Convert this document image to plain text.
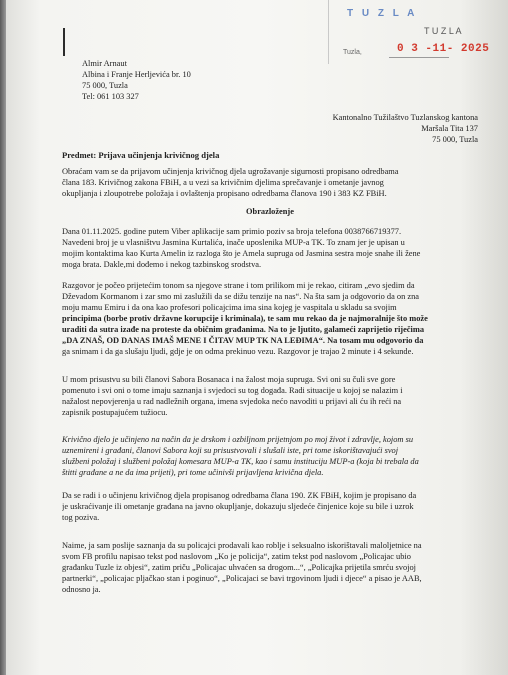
T U Z L A
T U Z L A
Tuzla,	0 3 -11- 2025
Almir Arnaut
Albina i Franje Herljevića br. 10
75 000, Tuzla
Tel: 061 103 327
Kantonalno Tužilaštvo Tuzlanskog kantona
Maršala Tita 137
75 000, Tuzla
Predmet: Prijava učinjenja krivičnog djela
Obraćam vam se da prijavom učinjenja krivičnog djela ugrožavanje sigurnosti propisano odredbama
člana 183. Krivičnog zakona FBiH, a u vezi sa krivičnim djelima sprečavanje i ometanje javnog
okupljanja i zloupotrebe položaja i ovlaštenja propisano odredbama članova 190 i 383 KZ FBiH.
Obrazloženje
Dana 01.11.2025. godine putem Viber aplikacije sam primio poziv sa broja telefona 0038766719377.
Navedeni broj je u vlasništvu Jasmina Kurtalića, inače uposlenika MUP-a TK. To znam jer je upisan u
mojim kontaktima kao Kurta Amelin iz razloga što je Amela supruga od Jasmina sestra moje snahe ili žene
moga brata. Dakle,mi dođemo i nekog tazbinskog srodstva.
Razgovor je počeo prijetećim tonom sa njegove strane i tom prilikom mi je rekao, citiram „evo sjedim da
Dževadom Kormanom i zar smo mi zaslužili da se dižu tenzije na nas“. Na šta sam ja odgovorio da on zna
moju mamu Emiru i da ona kao profesori policajcima ima sina kojeg je vaspitala u skladu sa svojim
principima (borbe protiv državne korupcije i kriminala), te sam mu rekao da je najmoralnije što može
uraditi da sutra izađe na proteste da običnim građanima. Na to je ljutito, galameći zaprijetio riječima
„DA ZNAŠ, OD DANAS IMAŠ MENE I ČITAV MUP TK NA LEĐIMA“. Na tosam mu odgovorio da
ga snimam i da ga slušaju ljudi, gdje je on odma prekinuo vezu. Razgovor je trajao 2 minute i 4 sekunde.
U mom prisustvu su bili članovi Sabora Bosanaca i na žalost moja supruga. Svi oni su čuli sve gore
pomenuto i svi oni o tome imaju saznanja i svjedoci su tog događa. Radi situacije u kojoj se nalazim i
nažalost nepovjerenja u rad nadležnih organa, imena svjedoka nećo navoditi u prijavi ali ću ih reći na
zapisnik postupajućem tužiocu.
Krivično djelo je učinjeno na način da je drskom i ozbiljnom prijetnjom po moj život i zdravlje, kojom su
uznemireni i građani, članovi Sabora koji su prisustvovali i slušali iste, pri tome iskorištavajući svoj
službeni položaj i službeni položaj komesara MUP-a TK, kao i samu instituciju MUP-a (koja bi trebala da
štitti građane a ne da ima prijeti), pri tome učinivši prijavljena krivična djela.
Da se radi i o učinjenu krivičnog djela propisanog odredbama člana 190. ZK FBiH, kojim je propisano da
je uskraćivanje ili ometanje građana na javno okupljanje, dokazuju sljedeće činjenice koje su bile i uzrok
tog poziva.
Naime, ja sam poslije saznanja da su policajci prodavali kao roblje i seksualno iskorištavali maloljetnice na
svom FB profilu napisao tekst pod naslovom „Ko je policija“, zatim tekst pod naslovom „Policajac ubio
građanku Tuzle iz objesi“, zatim priču „Policajac uhvaćen sa drogom...“, „Policajka prijetila smrću svojoj
partnerki“, „policajac pljačkao stan i poginuo“, „Policajaci se bavi trgovinom ljudi i djece“ a pisao je AAB,
odnosno ja.
